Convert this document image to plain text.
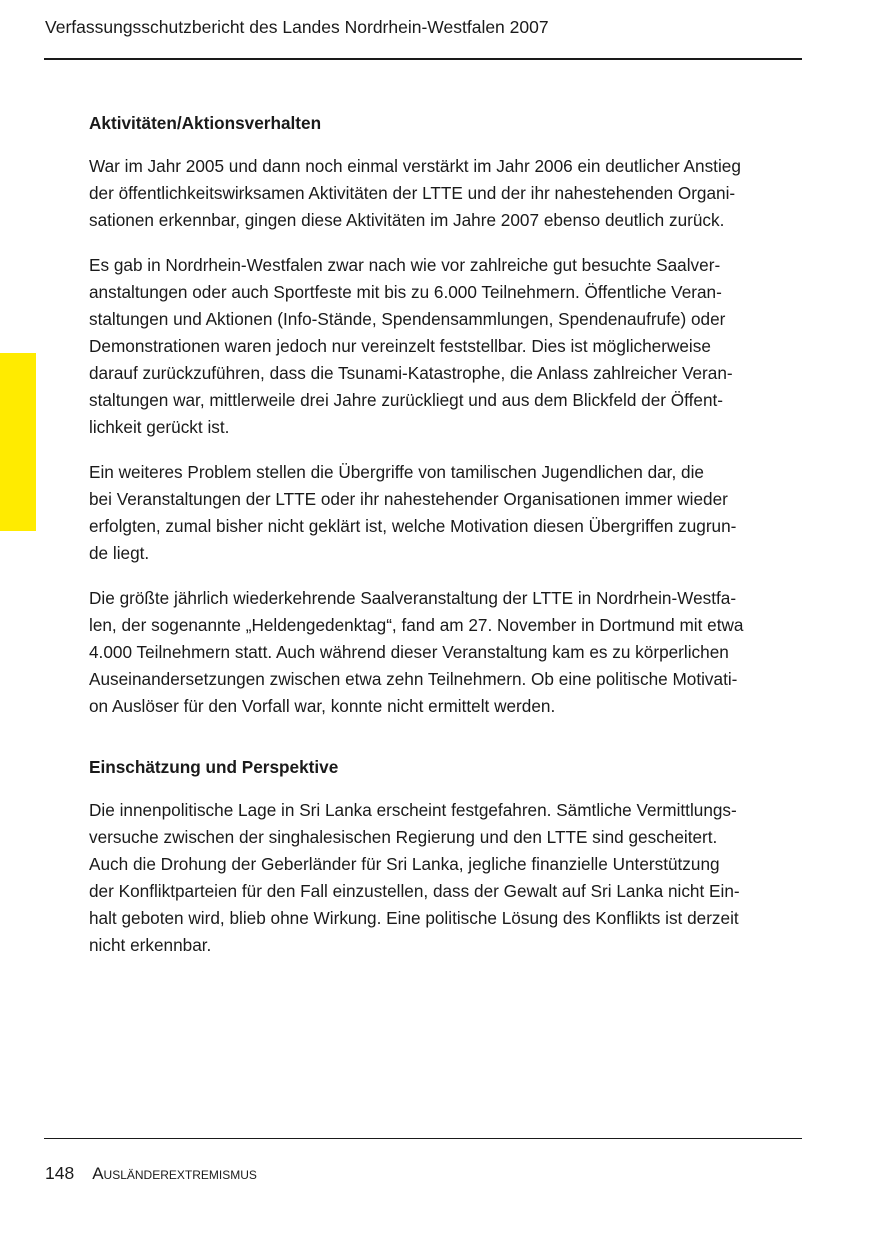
Verfassungsschutzbericht des Landes Nordrhein-Westfalen 2007
Aktivitäten/Aktionsverhalten

War im Jahr 2005 und dann noch einmal verstärkt im Jahr 2006 ein deutlicher Anstieg
der öffentlichkeitswirksamen Aktivitäten der LTTE und der ihr nahestehenden Organi-
sationen erkennbar, gingen diese Aktivitäten im Jahre 2007 ebenso deutlich zurück.

Es gab in Nordrhein-Westfalen zwar nach wie vor zahlreiche gut besuchte Saalver-
anstaltungen oder auch Sportfeste mit bis zu 6.000 Teilnehmern. Öffentliche Veran-
staltungen und Aktionen (Info-Stände, Spendensammlungen, Spendenaufrufe) oder
Demonstrationen waren jedoch nur vereinzelt feststellbar. Dies ist möglicherweise
darauf zurückzuführen, dass die Tsunami-Katastrophe, die Anlass zahlreicher Veran-
staltungen war, mittlerweile drei Jahre zurückliegt und aus dem Blickfeld der Öffent-
lichkeit gerückt ist.

Ein weiteres Problem stellen die Übergriffe von tamilischen Jugendlichen dar, die
bei Veranstaltungen der LTTE oder ihr nahestehender Organisationen immer wieder
erfolgten, zumal bisher nicht geklärt ist, welche Motivation diesen Übergriffen zugrun-
de liegt.

Die größte jährlich wiederkehrende Saalveranstaltung der LTTE in Nordrhein-Westfa-
len, der sogenannte „Heldengedenktag“, fand am 27. November in Dortmund mit etwa
4.000 Teilnehmern statt. Auch während dieser Veranstaltung kam es zu körperlichen
Auseinandersetzungen zwischen etwa zehn Teilnehmern. Ob eine politische Motivati-
on Auslöser für den Vorfall war, konnte nicht ermittelt werden.

Einschätzung und Perspektive

Die innenpolitische Lage in Sri Lanka erscheint festgefahren. Sämtliche Vermittlungs-
versuche zwischen der singhalesischen Regierung und den LTTE sind gescheitert.
Auch die Drohung der Geberländer für Sri Lanka, jegliche finanzielle Unterstützung
der Konfliktparteien für den Fall einzustellen, dass der Gewalt auf Sri Lanka nicht Ein-
halt geboten wird, blieb ohne Wirkung. Eine politische Lösung des Konflikts ist derzeit
nicht erkennbar.

148 Ausländerextremismus
